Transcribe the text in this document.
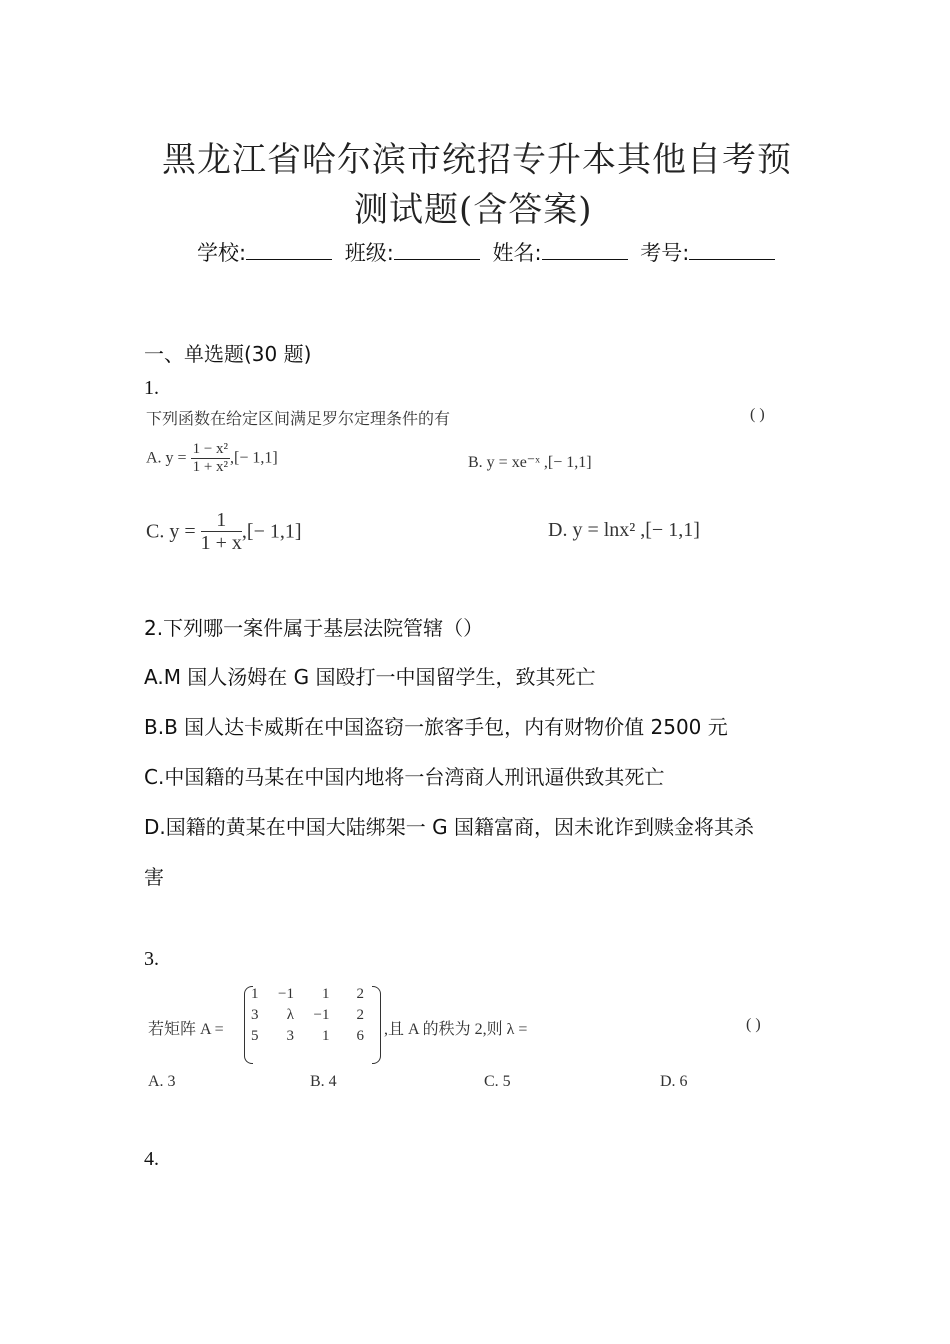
黑龙江省哈尔滨市统招专升本其他自考预
测试题(含答案)
学校:	班级:	姓名:	考号:
一、单选题(30 题)
1.
下列函数在给定区间满足罗尔定理条件的有	( )
A. $y = \frac{\text{1 − x²}}{\text{1 + x²}}$ ,[− 1,1]	B. y = xe⁻ˣ ,[− 1,1]
C. $y = \frac{1}{1 + x}$ ,[− 1,1]	D. y = lnx² ,[− 1,1]
2.下列哪一案件属于基层法院管辖（）
A.M 国人汤姆在 G 国殴打一中国留学生，致其死亡
B.B 国人达卡威斯在中国盗窃一旅客手包，内有财物价值 2500 元
C.中国籍的马某在中国内地将一台湾商人刑讯逼供致其死亡
D.国籍的黄某在中国大陆绑架一 G 国籍富商，因未讹诈到赎金将其杀
害
3.
若矩阵 A =
1	−1	1	2
3	λ	−1	2
5	3	1	6 ,且 A 的秩为 2,则 λ =	( )
A. 3	B. 4	C. 5	D. 6
4.
